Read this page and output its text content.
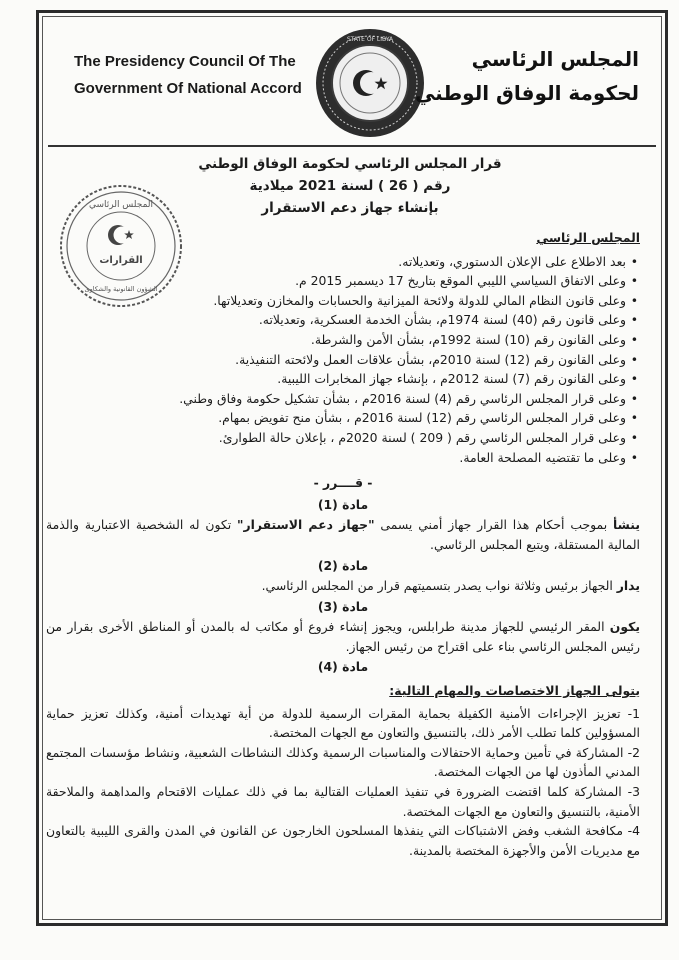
The Presidency Council Of The
Government Of National Accord
STATE OF LIBYA
المجلس الرئاسي
لحكومة الوفاق الوطني
قرار المجلس الرئاسي لحكومة الوفاق الوطني
رقم ( 26 ) لسنة 2021 ميلادية
بإنشاء جهاز دعم الاستقرار
المجلس الرئاسي
القرارات
الشؤون القانونية والشكاوى
المجلس الرئاسي
• بعد الاطلاع على الإعلان الدستوري، وتعديلاته.
• وعلى الاتفاق السياسي الليبي الموقع بتاريخ 17 ديسمبر 2015 م.
• وعلى قانون النظام المالي للدولة ولائحة الميزانية والحسابات والمخازن وتعديلاتها.
• وعلى قانون رقم (40) لسنة 1974م، بشأن الخدمة العسكرية، وتعديلاته.
• وعلى القانون رقم (10) لسنة 1992م، بشأن الأمن والشرطة.
• وعلى القانون رقم (12) لسنة 2010م، بشأن علاقات العمل ولائحته التنفيذية.
• وعلى القانون رقم (7) لسنة 2012م ، بإنشاء جهاز المخابرات الليبية.
• وعلى قرار المجلس الرئاسي رقم (4) لسنة 2016م ، بشأن تشكيل حكومة وفاق وطني.
• وعلى قرار المجلس الرئاسي رقم (12) لسنة 2016م ، بشأن منح تفويض بمهام.
• وعلى قرار المجلس الرئاسي رقم ( 209 ) لسنة 2020م ، بإعلان حالة الطوارئ.
• وعلى ما تقتضيه المصلحة العامة.
- قــــرر -
مادة (1)

ينشأ بموجب أحكام هذا القرار جهاز أمني يسمى "جهاز دعم الاستقرار" تكون له الشخصية الاعتبارية والذمة المالية المستقلة، ويتبع المجلس الرئاسي.

مادة (2)

يدار الجهاز برئيس وثلاثة نواب يصدر بتسميتهم قرار من المجلس الرئاسي.

مادة (3)

يكون المقر الرئيسي للجهاز مدينة طرابلس، ويجوز إنشاء فروع أو مكاتب له بالمدن أو المناطق الأخرى بقرار من رئيس المجلس الرئاسي بناء على اقتراح من رئيس الجهاز.

مادة (4)
يتولى الجهاز الاختصاصات والمهام التالية:

1- تعزيز الإجراءات الأمنية الكفيلة بحماية المقرات الرسمية للدولة من أية تهديدات أمنية، وكذلك تعزيز حماية المسؤولين كلما تطلب الأمر ذلك، بالتنسيق والتعاون مع الجهات المختصة.

2- المشاركة في تأمين وحماية الاحتفالات والمناسبات الرسمية وكذلك النشاطات الشعبية، ونشاط مؤسسات المجتمع المدني المأذون لها من الجهات المختصة.

3- المشاركة كلما اقتضت الضرورة في تنفيذ العمليات القتالية بما في ذلك عمليات الاقتحام والمداهمة والملاحقة الأمنية، بالتنسيق والتعاون مع الجهات المختصة.

4- مكافحة الشغب وفض الاشتباكات التي ينفذها المسلحون الخارجون عن القانون في المدن والقرى الليبية بالتعاون مع مديريات الأمن والأجهزة المختصة بالمدينة.
